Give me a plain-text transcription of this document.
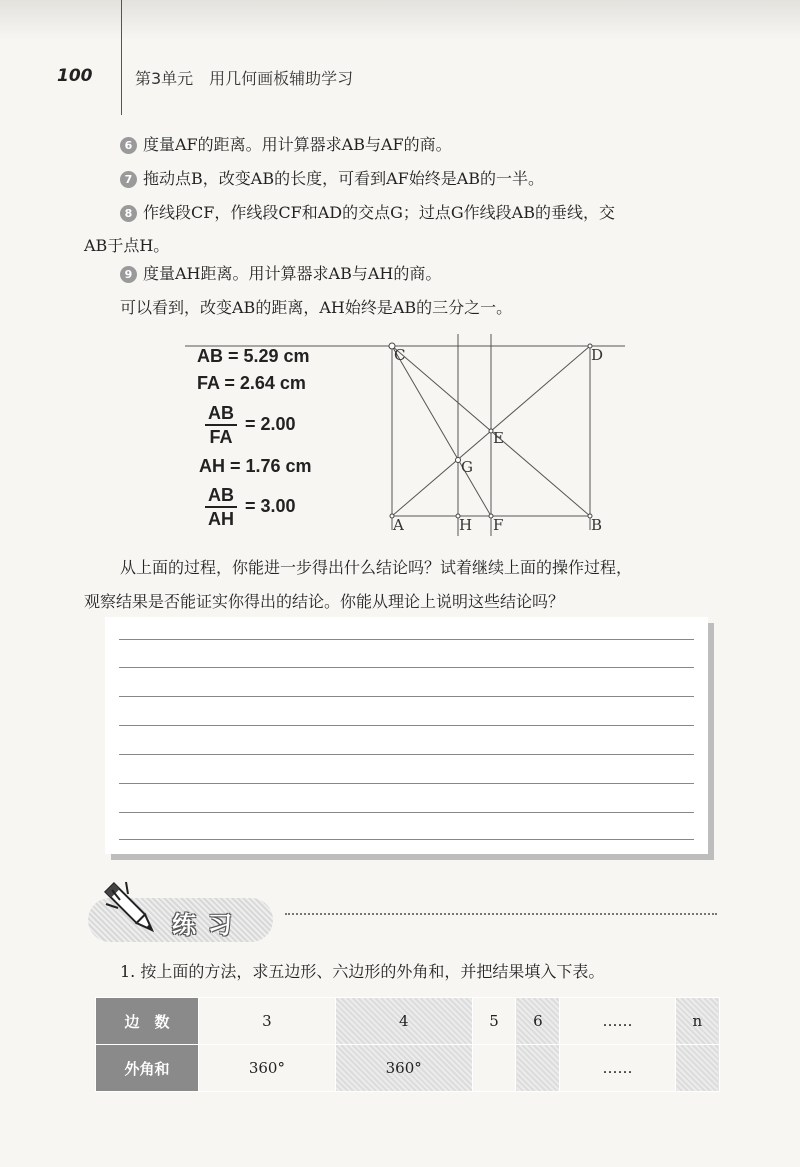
100	第3单元　用几何画板辅助学习
6 度量AF的距离。用计算器求AB与AF的商。
7 拖动点B，改变AB的长度，可看到AF始终是AB的一半。
8 作线段CF，作线段CF和AD的交点G；过点G作线段AB的垂线，交
AB于点H。
9 度量AH距离。用计算器求AB与AH的商。
可以看到，改变AB的距离，AH始终是AB的三分之一。
AB = 5.29 cm
FA = 2.64 cm
$\frac{AB}{FA} = 2.00$
AH = 1.76 cm
$\frac{AB}{AH} = 3.00$
C	D
E
G
A	H F	B
从上面的过程，你能进一步得出什么结论吗？试着继续上面的操作过程，
观察结果是否能证实你得出的结论。你能从理论上说明这些结论吗？
练习
1. 按上面的方法，求五边形、六边形的外角和，并把结果填入下表。
边　数	3	4	5	6	……	n
外角和	360°	360°			……	
